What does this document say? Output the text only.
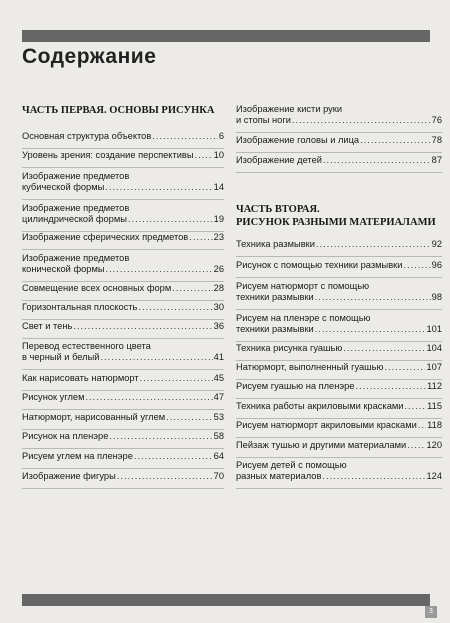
Содержание
ЧАСТЬ ПЕРВАЯ. ОСНОВЫ РИСУНКА
ЧАСТЬ ВТОРАЯ.
РИСУНОК РАЗНЫМИ МАТЕРИАЛАМИ
3
Основная структура объектов .....	6
Уровень зрения: создание перспективы ..... 10
Изображение предметов
кубической формы .....	14
Изображение предметов
цилиндрической формы .....	19
Изображение сферических предметов .....	23
Изображение предметов
конической формы .....	26
Совмещение всех основных форм .....	28
Горизонтальная плоскость .....	30
Свет и тень .....	36
Перевод естественного цвета
в черный и белый .....	41
Как нарисовать натюрморт .....	45
Рисунок углем .....	47
Натюрморт, нарисованный углем .....	53
Рисунок на пленэре .....	58
Рисуем углем на пленэре .....	64
Изображение фигуры .....	70
Изображение кисти руки
и стопы ноги .....	76
Изображение головы и лица .....	78
Изображение детей .....	87
Техника размывки .....	92
Рисунок с помощью техники размывки .....	96
Рисуем натюрморт с помощью
техники размывки .....	98
Рисуем на пленэре с помощью
техники размывки .....	101
Техника рисунка гуашью .....	104
Натюрморт, выполненный гуашью .....	107
Рисуем гуашью на пленэре .....	112
Техника работы акриловыми красками .....	115
Рисуем натюрморт акриловыми красками ..... 118
Пейзаж тушью и другими материалами ..... 120
Рисуем детей с помощью
разных материалов .....	124
